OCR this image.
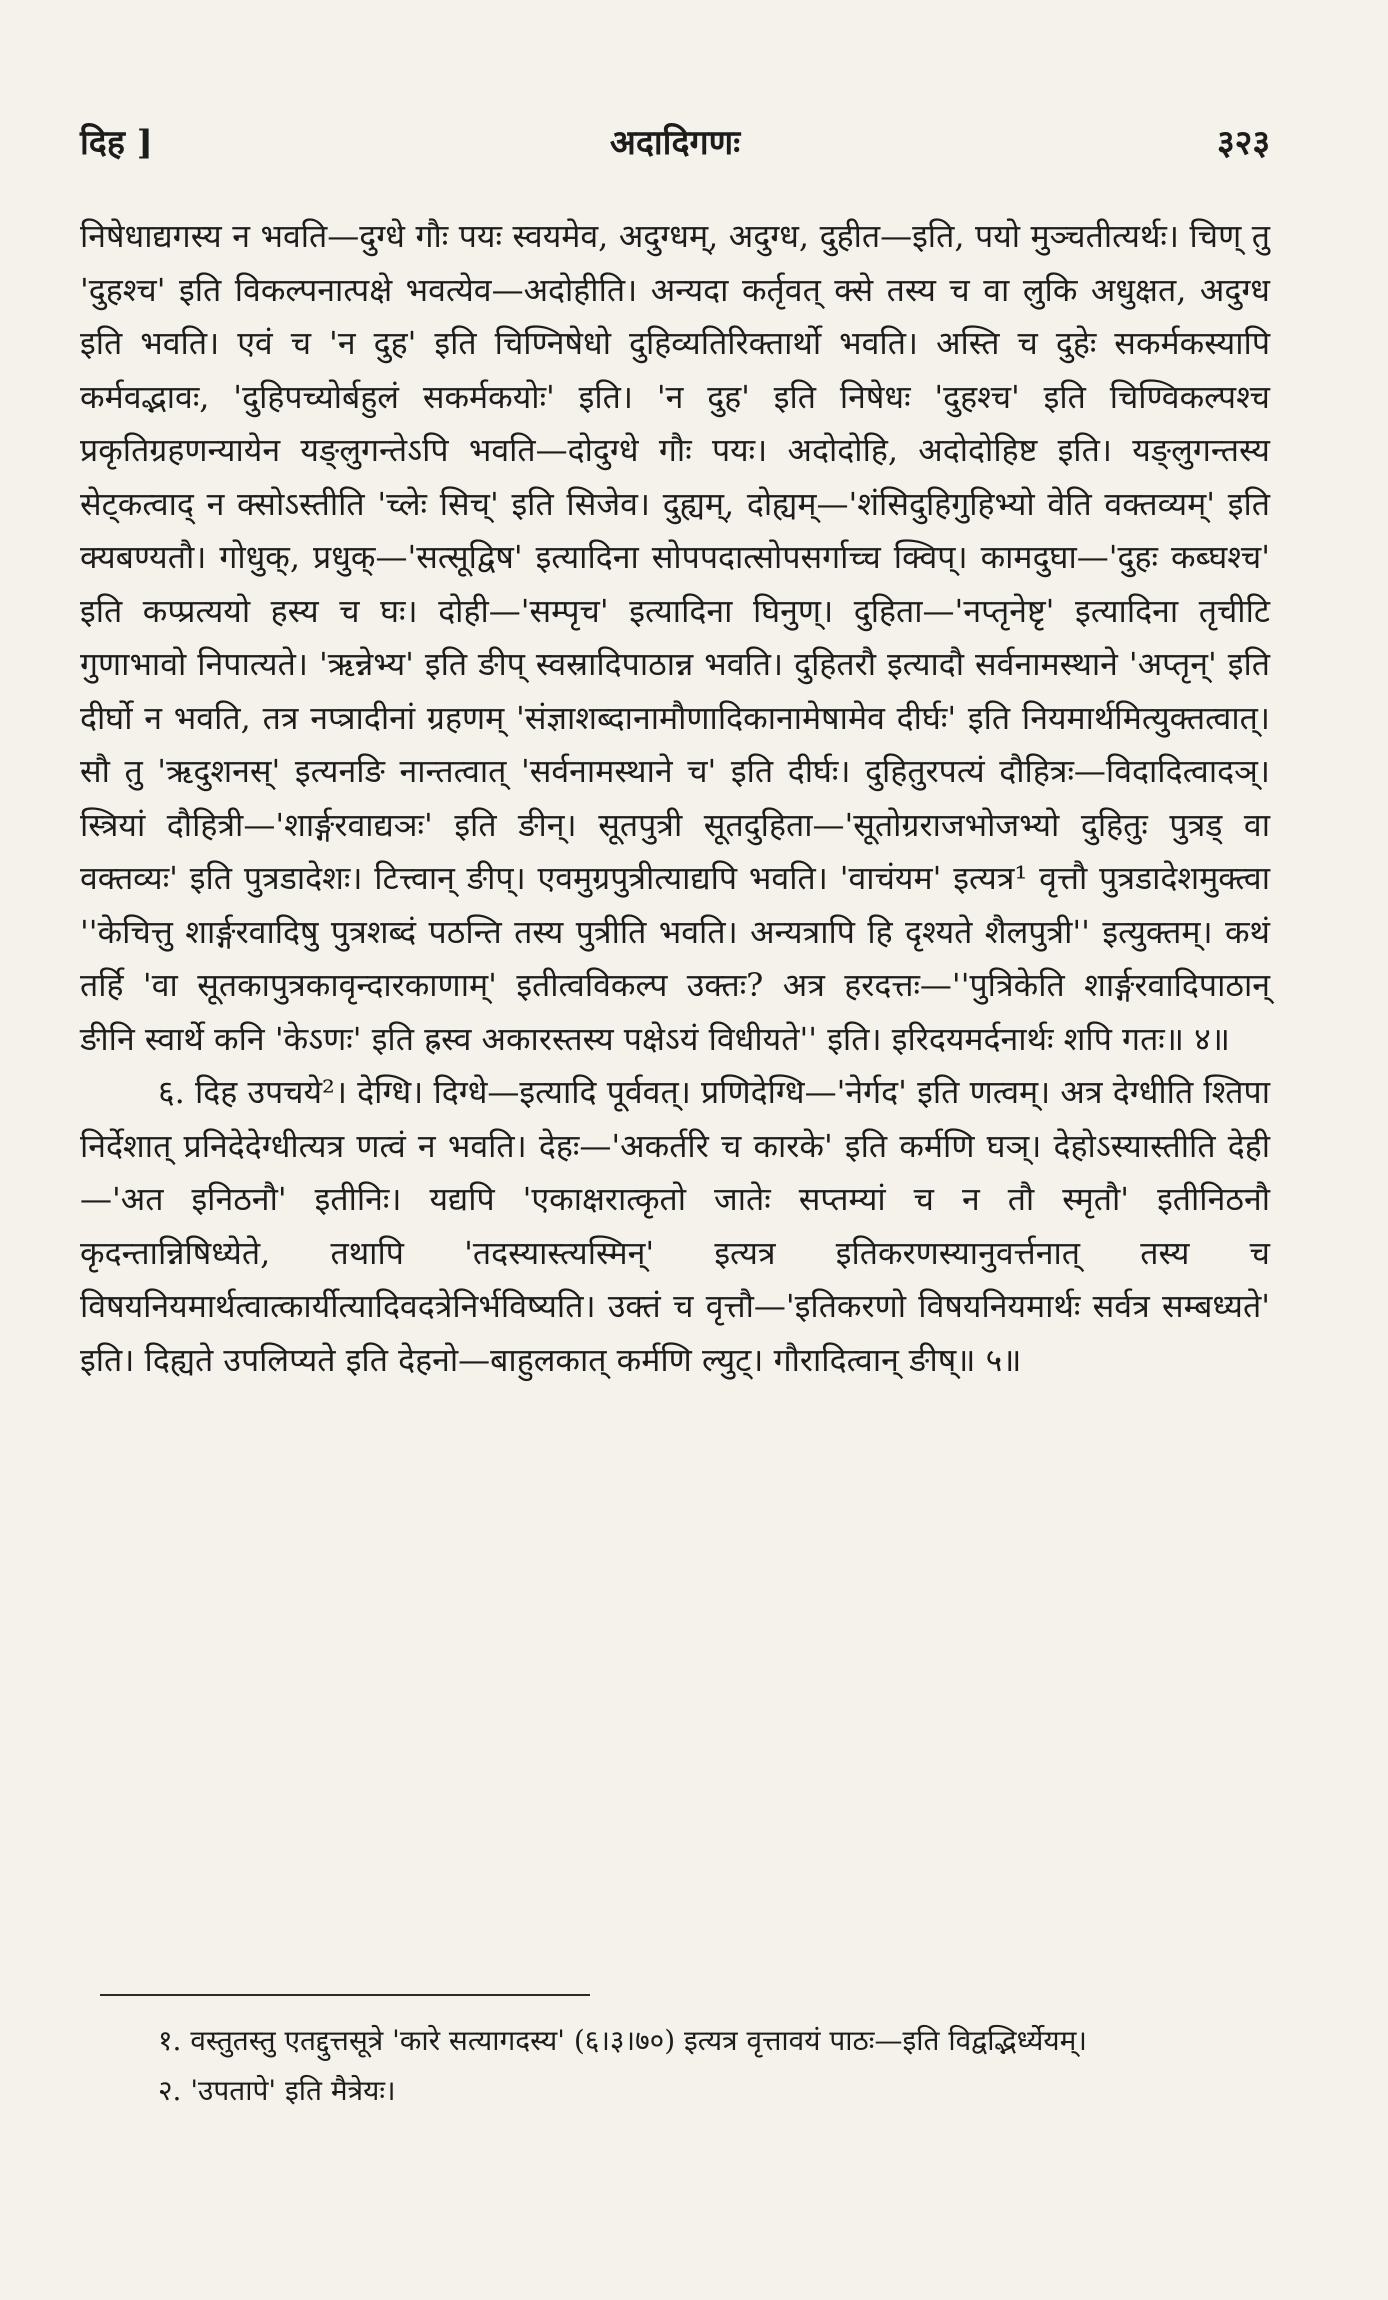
दिह ]	अदादिगणः	३२३

निषेधाद्यगस्य न भवति—दुग्धे गौः पयः स्वयमेव, अदुग्धम्, अदुग्ध, दुहीत—इति, पयो मुञ्चतीत्यर्थः। चिण् तु 'दुहश्च' इति विकल्पनात्पक्षे भवत्येव—अदोहीति। अन्यदा कर्तृवत् क्से तस्य च वा लुकि अधुक्षत, अदुग्ध इति भवति। एवं च 'न दुह' इति चिण्निषेधो दुहिव्यतिरिक्तार्थो भवति। अस्ति च दुहेः सकर्मकस्यापि कर्मवद्भावः, 'दुहिपच्योर्बहुलं सकर्मकयोः' इति। 'न दुह' इति निषेधः 'दुहश्च' इति चिण्विकल्पश्च प्रकृतिग्रहणन्यायेन यङ्लुगन्तेऽपि भवति—दोदुग्धे गौः पयः। अदोदोहि, अदोदोहिष्ट इति। यङ्लुगन्तस्य सेट्कत्वाद् न क्सोऽस्तीति 'च्लेः सिच्' इति सिजेव। दुह्यम्, दोह्यम्—'शंसिदुहिगुहिभ्यो वेति वक्तव्यम्' इति क्यबण्यतौ। गोधुक्, प्रधुक्—'सत्सूद्विष' इत्यादिना सोपपदात्सोपसर्गाच्च क्विप्। कामदुघा—'दुहः कब्घश्च' इति कप्प्रत्ययो हस्य च घः। दोही—'सम्पृच' इत्यादिना घिनुण्। दुहिता—'नप्तृनेष्टृ' इत्यादिना तृचीटि गुणाभावो निपात्यते। 'ऋन्नेभ्य' इति ङीप् स्वस्रादिपाठान्न भवति। दुहितरौ इत्यादौ सर्वनामस्थाने 'अप्तृन्' इति दीर्घो न भवति, तत्र नप्त्रादीनां ग्रहणम् 'संज्ञाशब्दानामौणादिकानामेषामेव दीर्घः' इति नियमार्थमित्युक्तत्वात्। सौ तु 'ऋदुशनस्' इत्यनङि नान्तत्वात् 'सर्वनामस्थाने च' इति दीर्घः। दुहितुरपत्यं दौहित्रः—विदादित्वादञ्। स्त्रियां दौहित्री—'शार्ङ्गरवाद्यञः' इति ङीन्। सूतपुत्री सूतदुहिता—'सूतोग्रराजभोजभ्यो दुहितुः पुत्रड् वा वक्तव्यः' इति पुत्रडादेशः। टित्त्वान् ङीप्। एवमुग्रपुत्रीत्याद्यपि भवति। 'वाचंयम' इत्यत्र¹ वृत्तौ पुत्रडादेशमुक्त्वा ''केचित्तु शार्ङ्गरवादिषु पुत्रशब्दं पठन्ति तस्य पुत्रीति भवति। अन्यत्रापि हि दृश्यते शैलपुत्री'' इत्युक्तम्। कथं तर्हि 'वा सूतकापुत्रकावृन्दारकाणाम्' इतीत्वविकल्प उक्तः? अत्र हरदत्तः—''पुत्रिकेति शार्ङ्गरवादिपाठान् ङीनि स्वार्थे कनि 'केऽणः' इति ह्रस्व अकारस्तस्य पक्षेऽयं विधीयते'' इति। इरिदयमर्दनार्थः शपि गतः॥ ४॥

६. दिह उपचये²। देग्धि। दिग्धे—इत्यादि पूर्ववत्। प्रणिदेग्धि—'नेर्गद' इति णत्वम्। अत्र देग्धीति श्तिपा निर्देशात् प्रनिदेदेग्धीत्यत्र णत्वं न भवति। देहः—'अकर्तरि च कारके' इति कर्मणि घञ्। देहोऽस्यास्तीति देही—'अत इनिठनौ' इतीनिः। यद्यपि 'एकाक्षरात्कृतो जातेः सप्तम्यां च न तौ स्मृतौ' इतीनिठनौ कृदन्तान्निषिध्येते, तथापि 'तदस्यास्त्यस्मिन्' इत्यत्र इतिकरणस्यानुवर्त्तनात् तस्य च विषयनियमार्थत्वात्कार्यीत्यादिवदत्रेनिर्भविष्यति। उक्तं च वृत्तौ—'इतिकरणो विषयनियमार्थः सर्वत्र सम्बध्यते' इति। दिह्यते उपलिप्यते इति देहनो—बाहुलकात् कर्मणि ल्युट्। गौरादित्वान् ङीष्॥ ५॥

१. वस्तुतस्तु एतद्दुत्तसूत्रे 'कारे सत्यागदस्य' (६।३।७०) इत्यत्र वृत्तावयं पाठः—इति विद्वद्भिर्ध्येयम्।

२. 'उपतापे' इति मैत्रेयः।
